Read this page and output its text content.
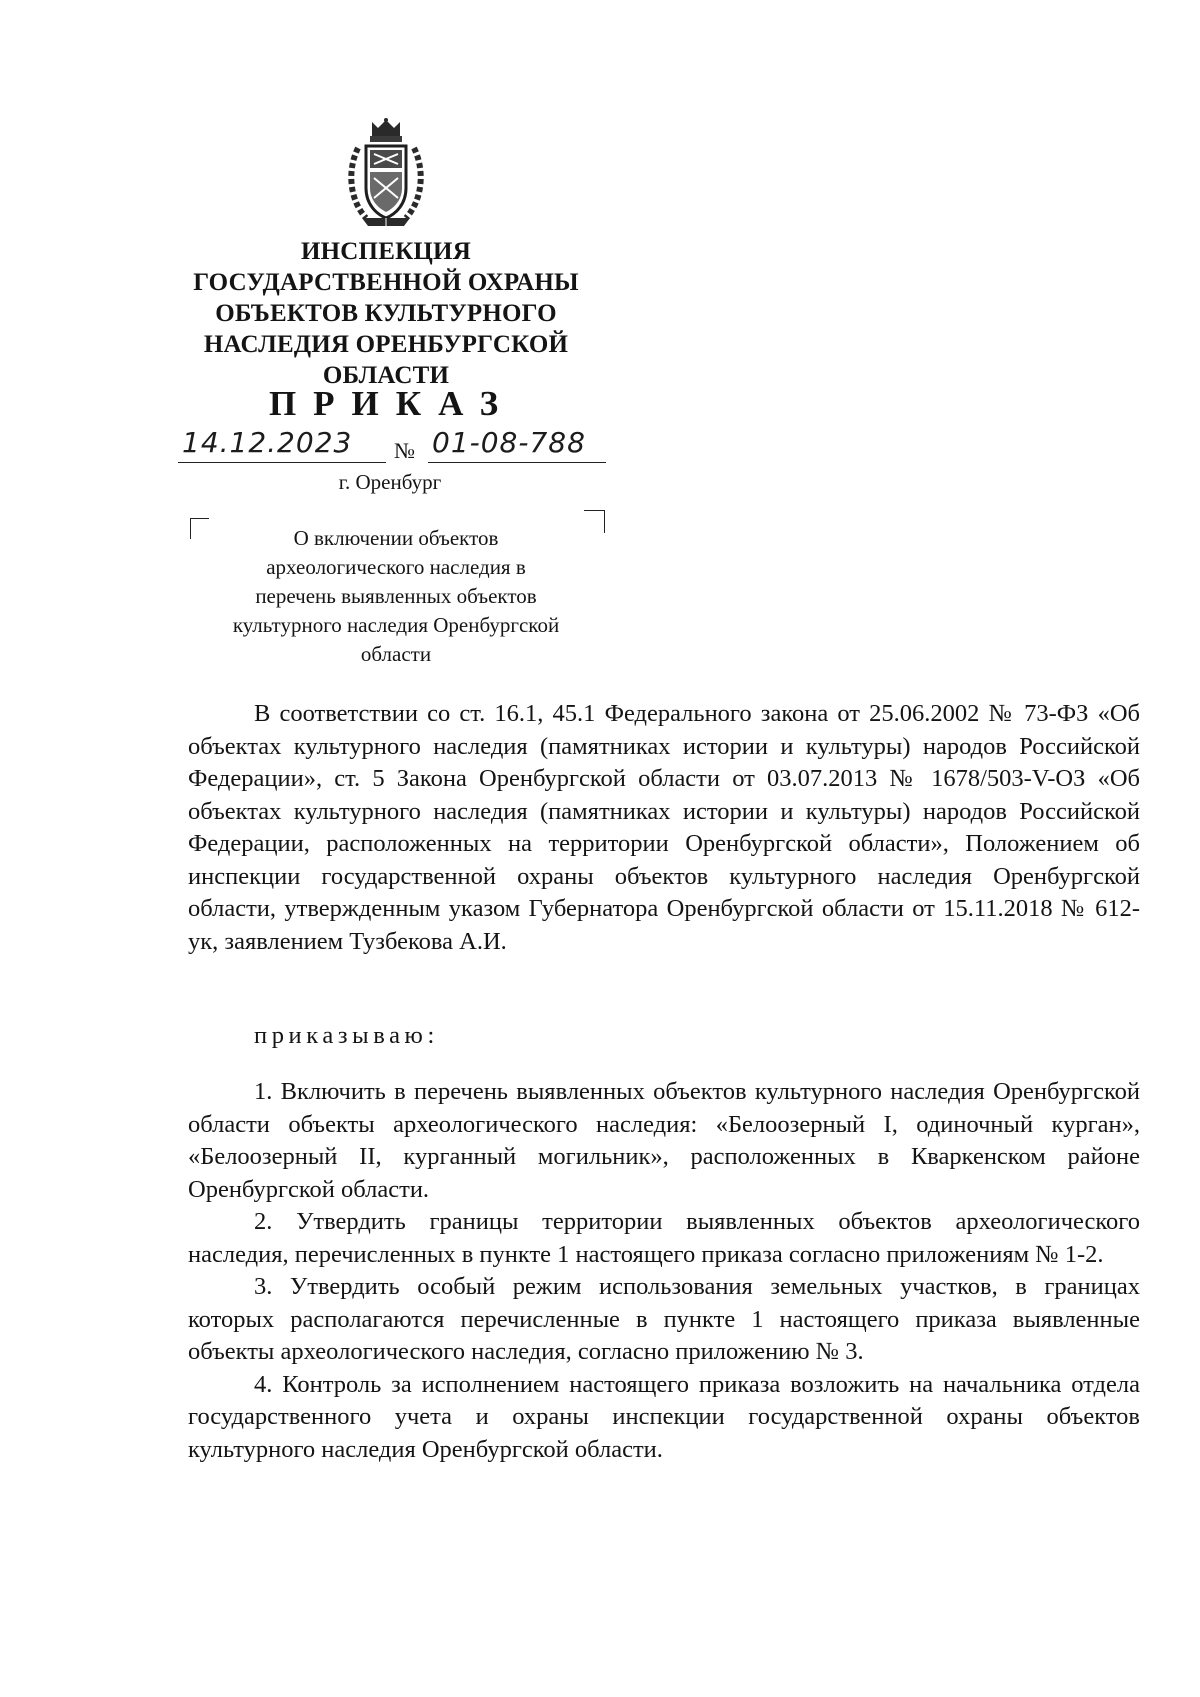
ИНСПЕКЦИЯ
ГОСУДАРСТВЕННОЙ ОХРАНЫ
ОБЪЕКТОВ КУЛЬТУРНОГО
НАСЛЕДИЯ ОРЕНБУРГСКОЙ
ОБЛАСТИ
ПРИКАЗ
14.12.2023 № 01-08-788
г. Оренбург
О включении объектов
археологического наследия в
перечень выявленных объектов
культурного наследия Оренбургской
области

В соответствии со ст. 16.1, 45.1 Федерального закона от 25.06.2002 № 73-ФЗ «Об объектах культурного наследия (памятниках истории и культуры) народов Российской Федерации», ст. 5 Закона Оренбургской области от 03.07.2013 № 1678/503-V-ОЗ «Об объектах культурного наследия (памятниках истории и культуры) народов Российской Федерации, расположенных на территории Оренбургской области», Положением об инспекции государственной охраны объектов культурного наследия Оренбургской области, утвержденным указом Губернатора Оренбургской области от 15.11.2018 № 612-ук, заявлением Тузбекова А.И.

приказываю:

1. Включить в перечень выявленных объектов культурного наследия Оренбургской области объекты археологического наследия: «Белоозерный I, одиночный курган», «Белоозерный II, курганный могильник», расположенных в Кваркенском районе Оренбургской области.

2. Утвердить границы территории выявленных объектов археологического наследия, перечисленных в пункте 1 настоящего приказа согласно приложениям № 1-2.

3. Утвердить особый режим использования земельных участков, в границах которых располагаются перечисленные в пункте 1 настоящего приказа выявленные объекты археологического наследия, согласно приложению № 3.

4. Контроль за исполнением настоящего приказа возложить на начальника отдела государственного учета и охраны инспекции государственной охраны объектов культурного наследия Оренбургской области.
